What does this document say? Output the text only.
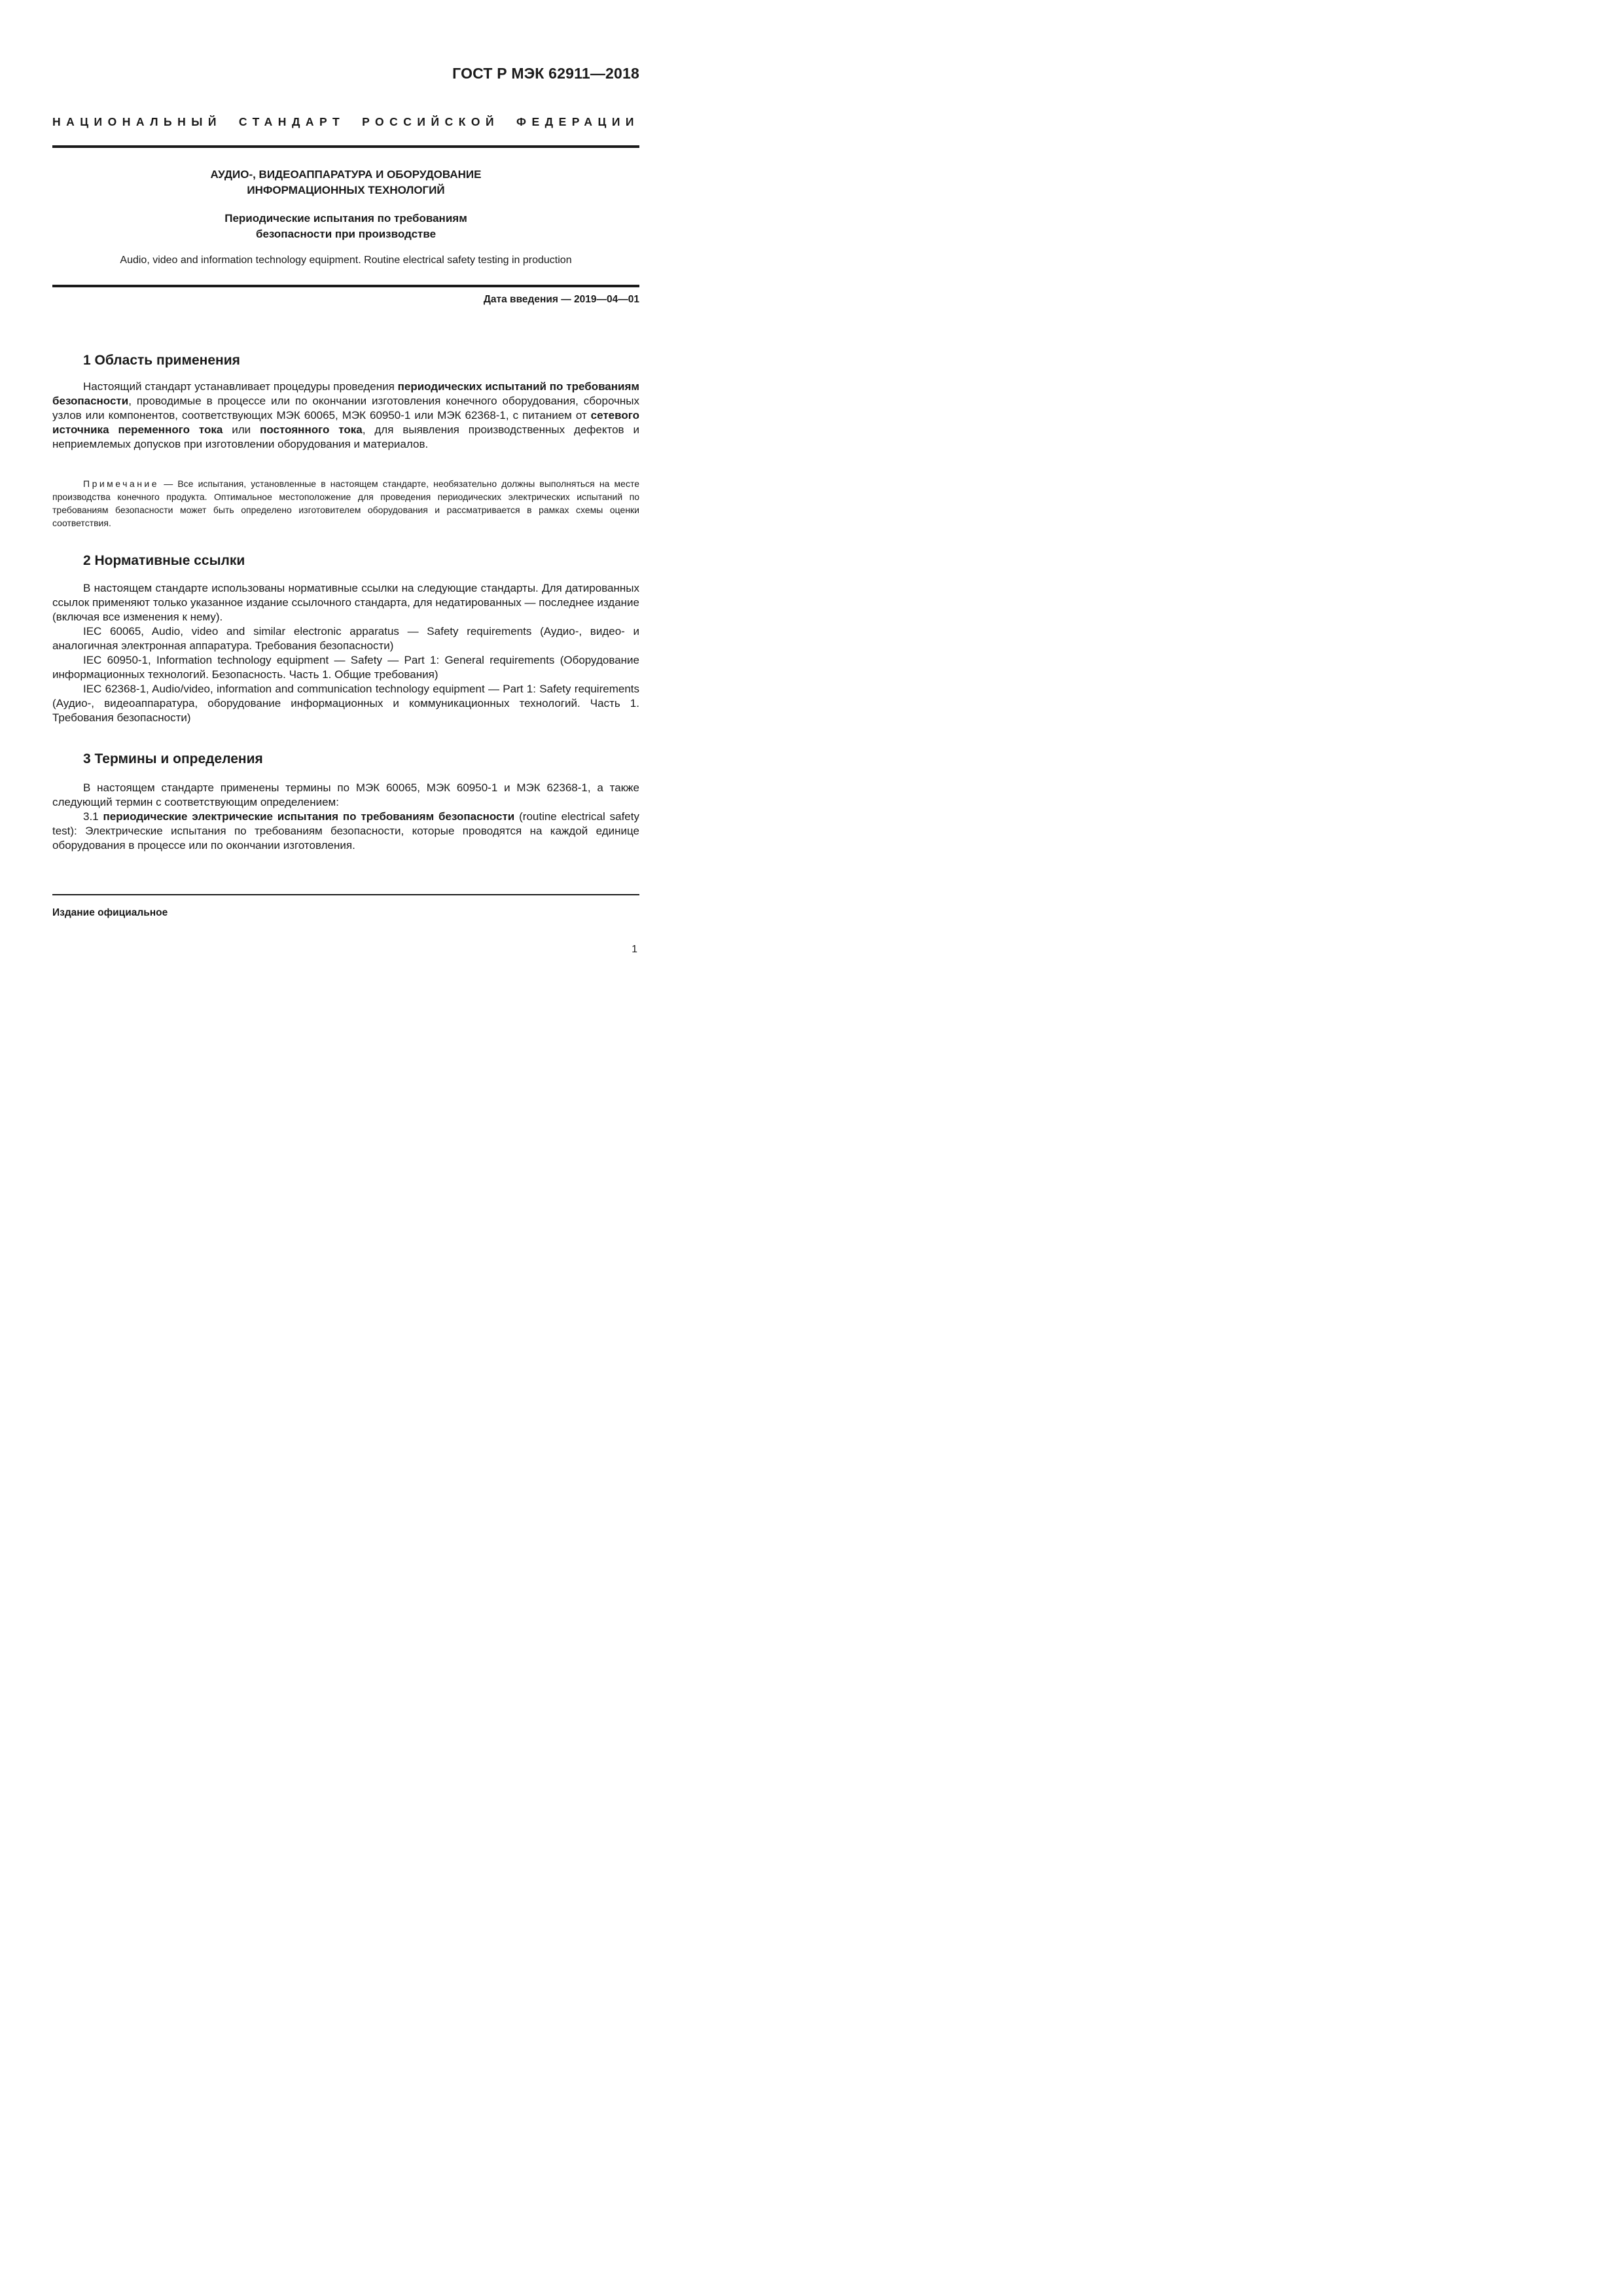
ГОСТ Р МЭК 62911—2018
НАЦИОНАЛЬНЫЙ СТАНДАРТ РОССИЙСКОЙ ФЕДЕРАЦИИ
АУДИО-, ВИДЕОАППАРАТУРА И ОБОРУДОВАНИЕ
ИНФОРМАЦИОННЫХ ТЕХНОЛОГИЙ
Периодические испытания по требованиям
безопасности при производстве
Audio, video and information technology equipment. Routine electrical safety testing in production
Дата введения — 2019—04—01
1 Область применения

Настоящий стандарт устанавливает процедуры проведения периодических испытаний по требованиям безопасности, проводимые в процессе или по окончании изготовления конечного оборудования, сборочных узлов или компонентов, соответствующих МЭК 60065, МЭК 60950-1 или МЭК 62368-1, с питанием от сетевого источника переменного тока или постоянного тока, для выявления производственных дефектов и неприемлемых допусков при изготовлении оборудования и материалов.

Примечание — Все испытания, установленные в настоящем стандарте, необязательно должны выполняться на месте производства конечного продукта. Оптимальное местоположение для проведения периодических электрических испытаний по требованиям безопасности может быть определено изготовителем оборудования и рассматривается в рамках схемы оценки соответствия.

2 Нормативные ссылки

В настоящем стандарте использованы нормативные ссылки на следующие стандарты. Для датированных ссылок применяют только указанное издание ссылочного стандарта, для недатированных — последнее издание (включая все изменения к нему).

IEC 60065, Audio, video and similar electronic apparatus — Safety requirements (Аудио-, видео- и аналогичная электронная аппаратура. Требования безопасности)

IEC 60950-1, Information technology equipment — Safety — Part 1: General requirements (Оборудование информационных технологий. Безопасность. Часть 1. Общие требования)

IEC 62368-1, Audio/video, information and communication technology equipment — Part 1: Safety requirements (Аудио-, видеоаппаратура, оборудование информационных и коммуникационных технологий. Часть 1. Требования безопасности)

3 Термины и определения

В настоящем стандарте применены термины по МЭК 60065, МЭК 60950-1 и МЭК 62368-1, а также следующий термин с соответствующим определением:

3.1 периодические электрические испытания по требованиям безопасности (routine electrical safety test): Электрические испытания по требованиям безопасности, которые проводятся на каждой единице оборудования в процессе или по окончании изготовления.

Издание официальное
1
